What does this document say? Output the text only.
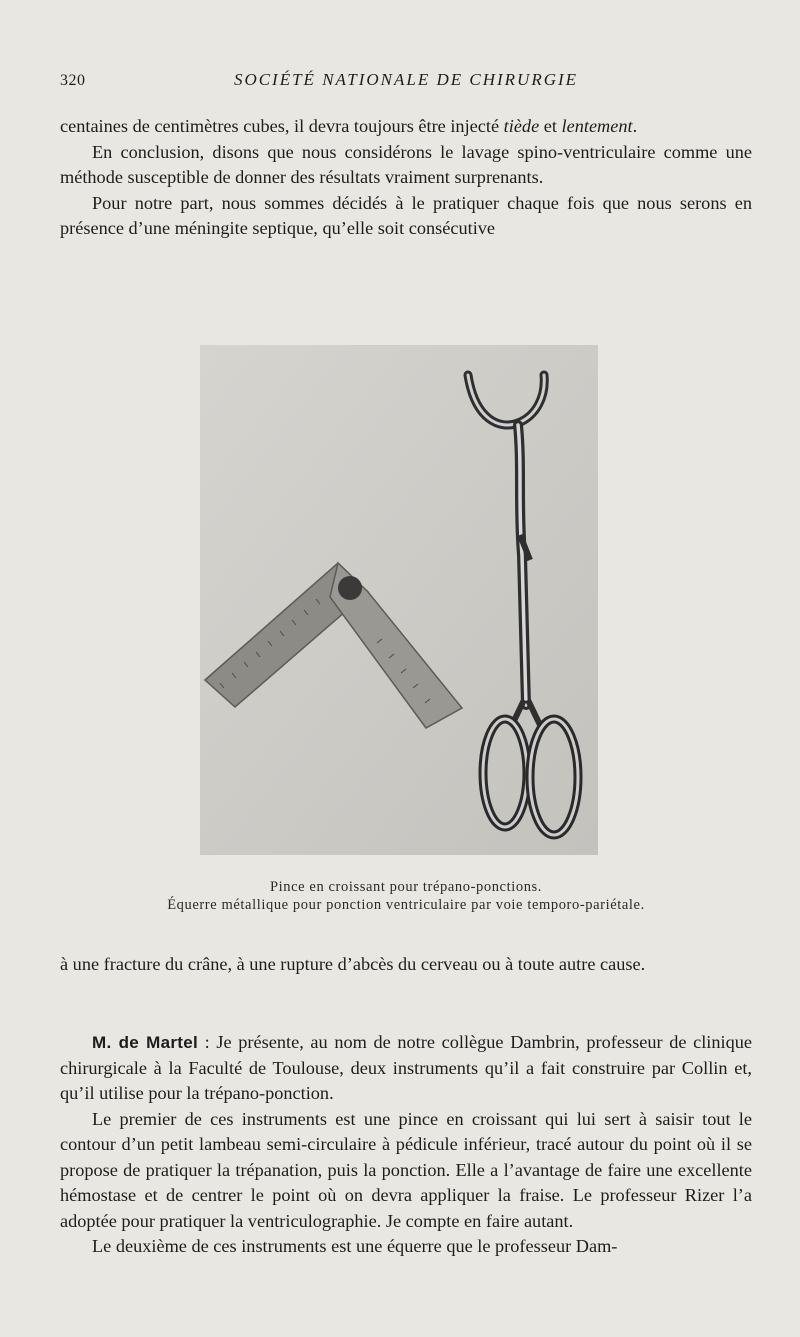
320	SOCIÉTÉ NATIONALE DE CHIRURGIE

centaines de centimètres cubes, il devra toujours être injecté tiède et lentement.

En conclusion, disons que nous considérons le lavage spino-ventriculaire comme une méthode susceptible de donner des résultats vraiment surprenants.

Pour notre part, nous sommes décidés à le pratiquer chaque fois que nous serons en présence d’une méningite septique, qu’elle soit consécutive

Pince en croissant pour trépano-ponctions.
Équerre métallique pour ponction ventriculaire par voie temporo-pariétale.

à une fracture du crâne, à une rupture d’abcès du cerveau ou à toute autre cause.

M. de Martel : Je présente, au nom de notre collègue Dambrin, professeur de clinique chirurgicale à la Faculté de Toulouse, deux instruments qu’il a fait construire par Collin et, qu’il utilise pour la trépano-ponction.

Le premier de ces instruments est une pince en croissant qui lui sert à saisir tout le contour d’un petit lambeau semi-circulaire à pédicule inférieur, tracé autour du point où il se propose de pratiquer la trépanation, puis la ponction. Elle a l’avantage de faire une excellente hémostase et de centrer le point où on devra appliquer la fraise. Le professeur Rizer l’a adoptée pour pratiquer la ventriculographie. Je compte en faire autant.

Le deuxième de ces instruments est une équerre que le professeur Dam-
